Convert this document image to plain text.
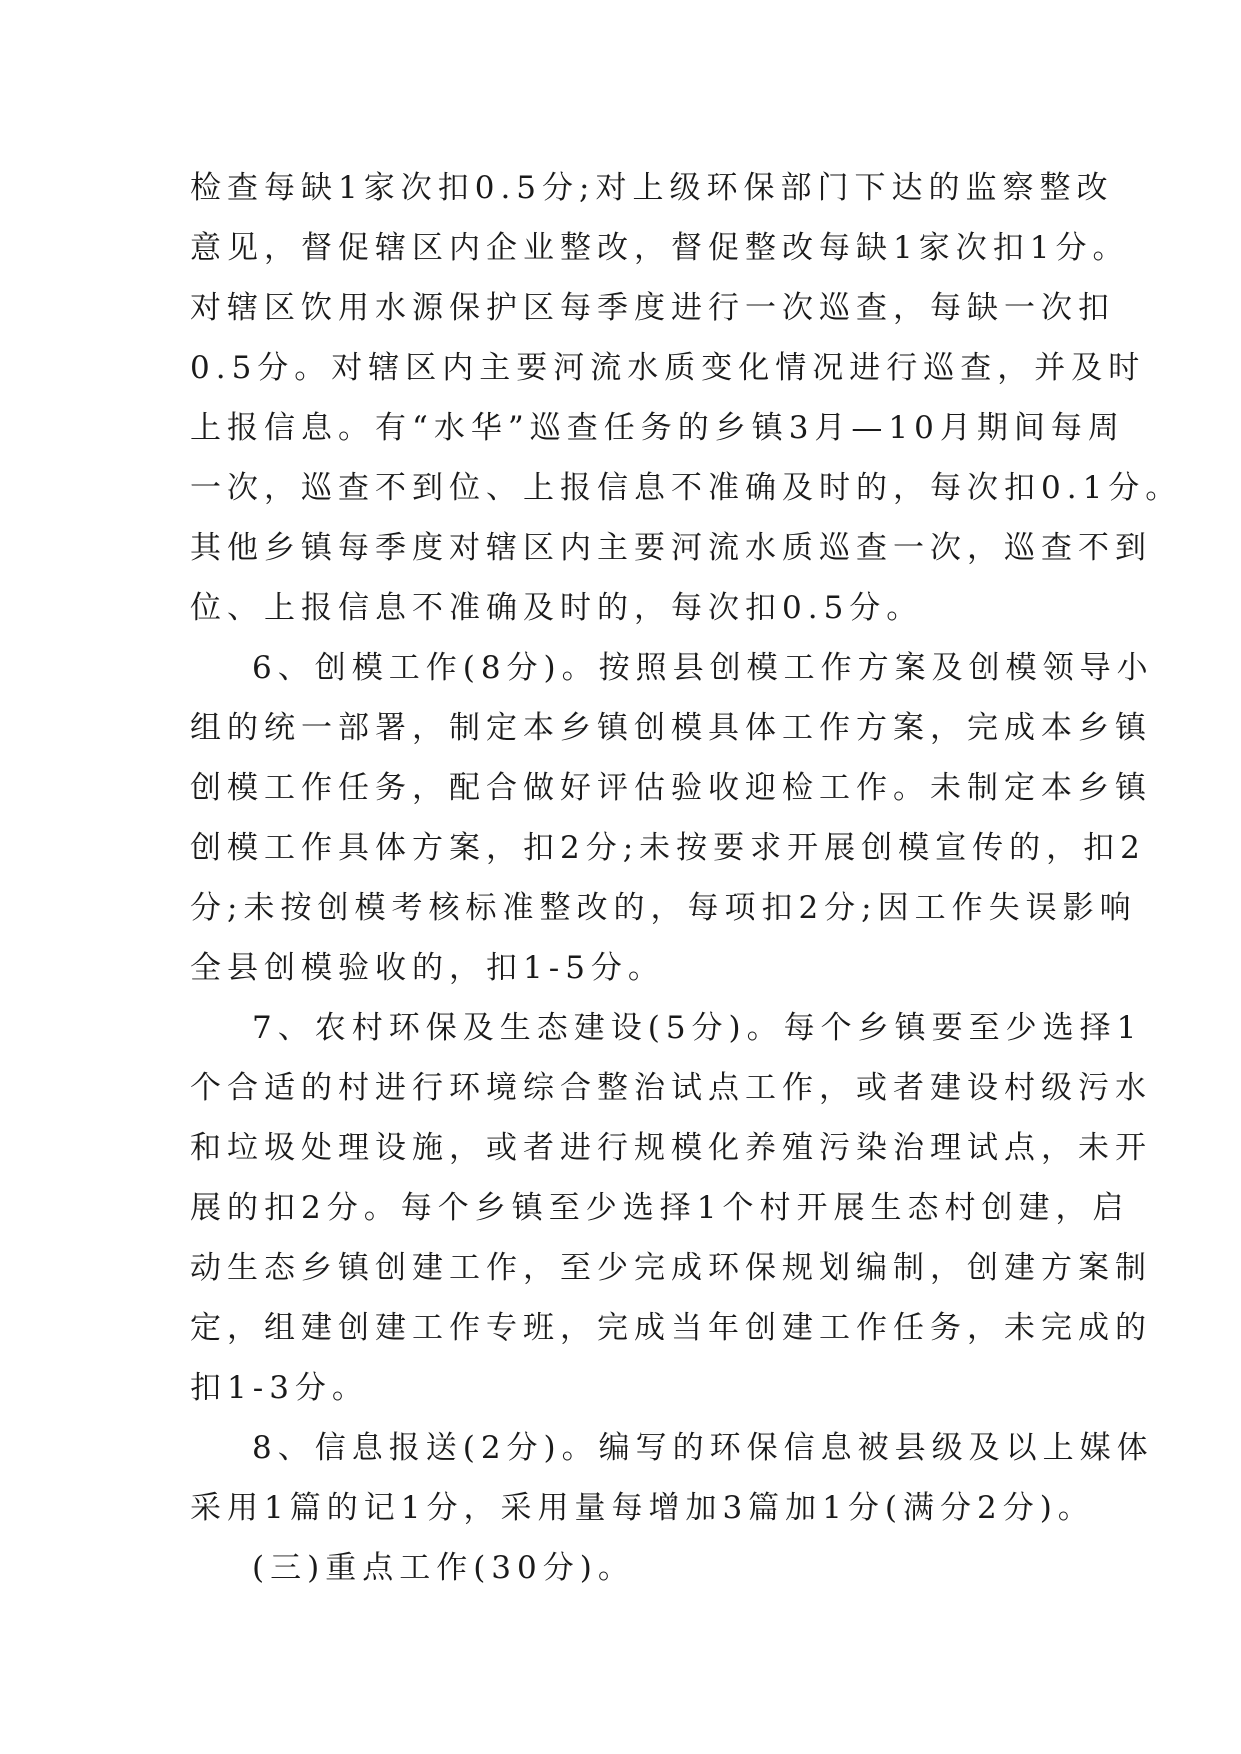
检查每缺1家次扣0.5分;对上级环保部门下达的监察整改
意见，督促辖区内企业整改，督促整改每缺1家次扣1分。
对辖区饮用水源保护区每季度进行一次巡查，每缺一次扣
0.5分。对辖区内主要河流水质变化情况进行巡查，并及时
上报信息。有“水华”巡查任务的乡镇3月—10月期间每周
一次，巡查不到位、上报信息不准确及时的，每次扣0.1分。
其他乡镇每季度对辖区内主要河流水质巡查一次，巡查不到
位、上报信息不准确及时的，每次扣0.5分。
6、创模工作(8分)。按照县创模工作方案及创模领导小
组的统一部署，制定本乡镇创模具体工作方案，完成本乡镇
创模工作任务，配合做好评估验收迎检工作。未制定本乡镇
创模工作具体方案，扣2分;未按要求开展创模宣传的，扣2
分;未按创模考核标准整改的，每项扣2分;因工作失误影响
全县创模验收的，扣1-5分。
7、农村环保及生态建设(5分)。每个乡镇要至少选择1
个合适的村进行环境综合整治试点工作，或者建设村级污水
和垃圾处理设施，或者进行规模化养殖污染治理试点，未开
展的扣2分。每个乡镇至少选择1个村开展生态村创建，启
动生态乡镇创建工作，至少完成环保规划编制，创建方案制
定，组建创建工作专班，完成当年创建工作任务，未完成的
扣1-3分。
8、信息报送(2分)。编写的环保信息被县级及以上媒体
采用1篇的记1分，采用量每增加3篇加1分(满分2分)。
(三)重点工作(30分)。
